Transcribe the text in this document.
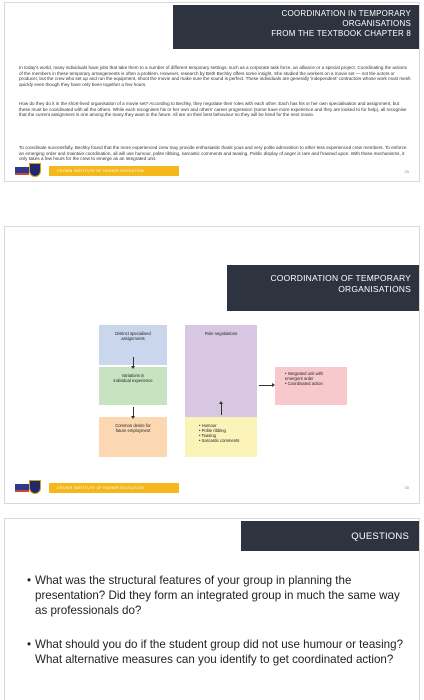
COORDINATION IN TEMPORARY
ORGANISATIONS
FROM THE TEXTBOOK CHAPTER 8

In today's world, many individuals have jobs that take them to a number of different temporary settings, such as a corporate task force, an alliance or a special project. Coordinating the actions of the members in these temporary arrangements is often a problem. However, research by Beth Bechky offers some insight. She studied the workers on a movie set — not the actors or producer, but the crew who set up and run the equipment, shoot the movie and make sure the sound is perfect. These individuals are generally 'independent' contractors whose work must mesh quickly even though they have only been together a few hours.

How do they do it in the short-lived organisation of a movie set? According to Bechky, they negotiate their roles with each other. Each has his or her own specialisation and assignment, but these must be coordinated with all the others. While each recognises his or her own and others' career progression (some have more experience and they are looked to for help), all recognise that the current assignment is one among the many they want in the future. All are on their best behaviour so they will be hired for the next movie.

To coordinate successfully, Bechky found that the more experienced crew may provide enthusiastic thank yous and very polite admonition to other less experienced crew members. To enforce an emerging order and maintain coordination, all will use humour, polite ribbing, sarcastic comments and teasing. Public display of anger is rare and frowned upon. With these mechanisms, it only takes a few hours for the crew to emerge as an integrated unit.

CROWN INSTITUTE OF HIGHER EDUCATION	29
COORDINATION OF TEMPORARY
ORGANISATIONS
Distinct specialised
assignments
Variations in
individual experience
Common desire for
future employment
Role negotiations
• Humour
• Polite ribbing
• Teasing
• Sarcastic comments
• Integrated unit with
emergent order
• Coordinated action
CROWN INSTITUTE OF HIGHER EDUCATION	30
QUESTIONS
• What was the structural features of your group in planning the presentation? Did they form an integrated group in much the same way as professionals do?
• What should you do if the student group did not use humour or teasing? What alternative measures can you identify to get coordinated action?
